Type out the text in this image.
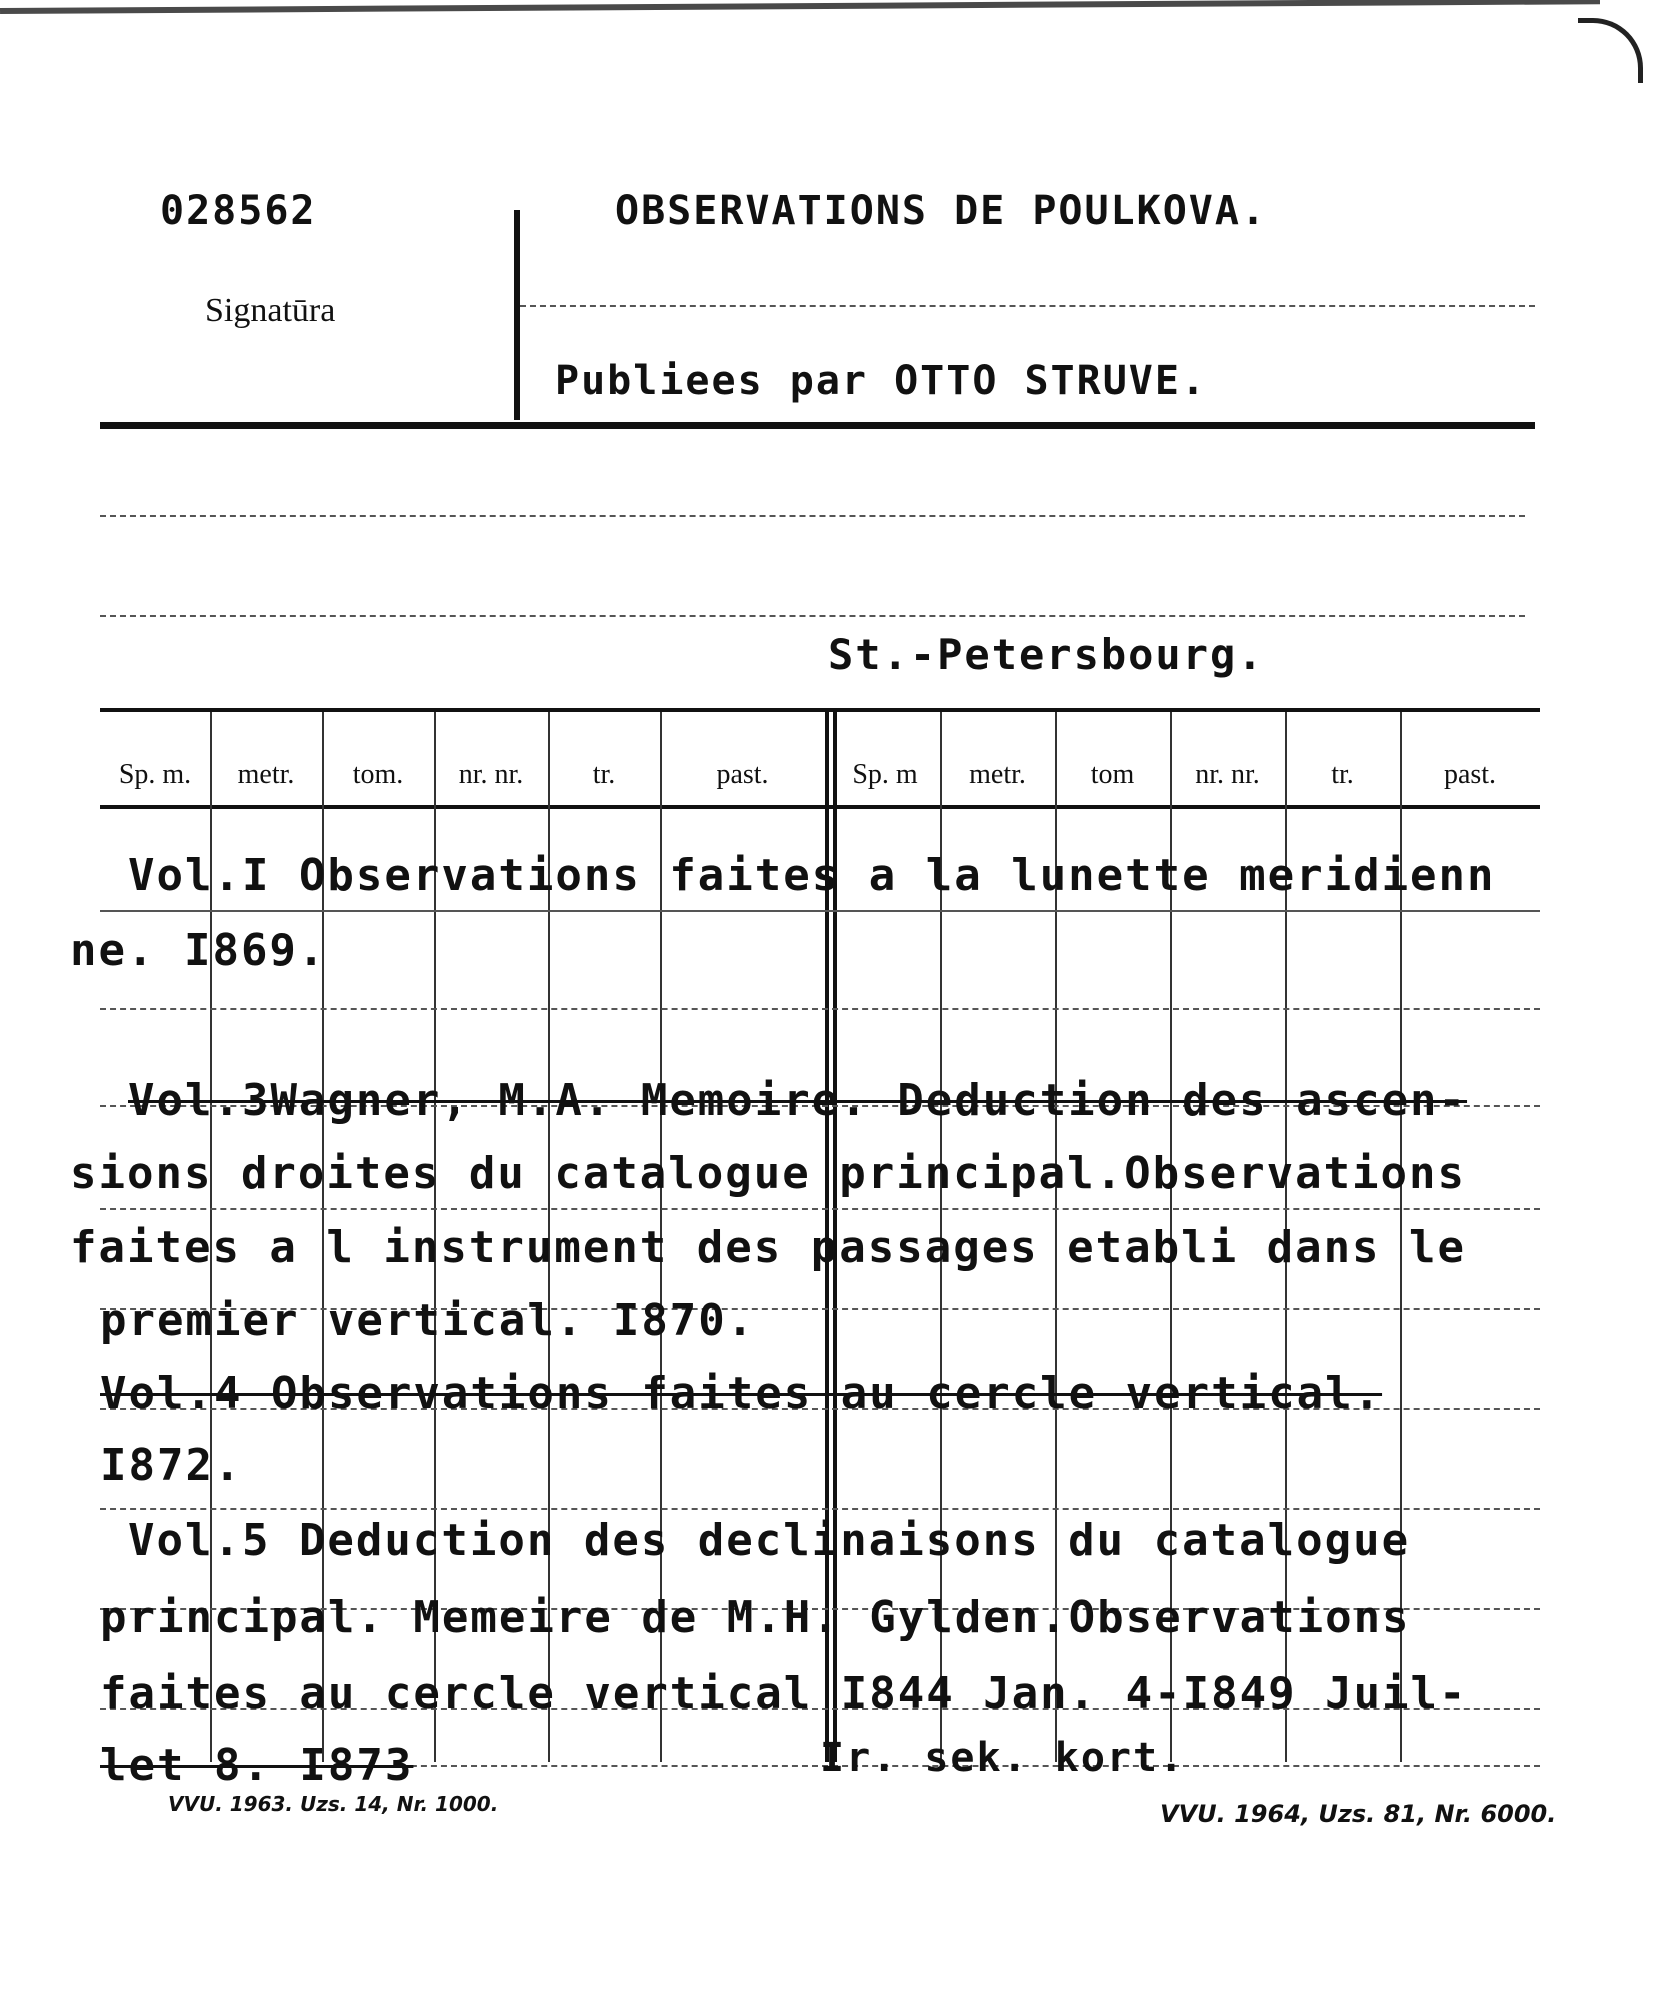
028562
Signatūra
OBSERVATIONS DE POULKOVA.
Publiees par OTTO STRUVE.
St.-Petersbourg.
Sp. m.	metr.	tom.	nr. nr.	tr.	past.	Sp. m	metr.	tom	nr. nr.	tr.	past.
Vol.I Observations faites a la lunette meridienn
ne. I869.
Vol.3Wagner, M.A. Memoire. Deduction des ascen-
sions droites du catalogue principal.Observations
faites a l instrument des passages etabli dans le
premier vertical. I870.
Vol.4 Observations faites au cercle vertical.
I872.
Vol.5 Deduction des declinaisons du catalogue
principal. Memeire de M.H. Gylden.Observations
faites au cercle vertical I844 Jan. 4-I849 Juil-
let 8. I873	Ir. sek. kort.
VVU. 1963. Uzs. 14, Nr. 1000.	VVU. 1964, Uzs. 81, Nr. 6000.
